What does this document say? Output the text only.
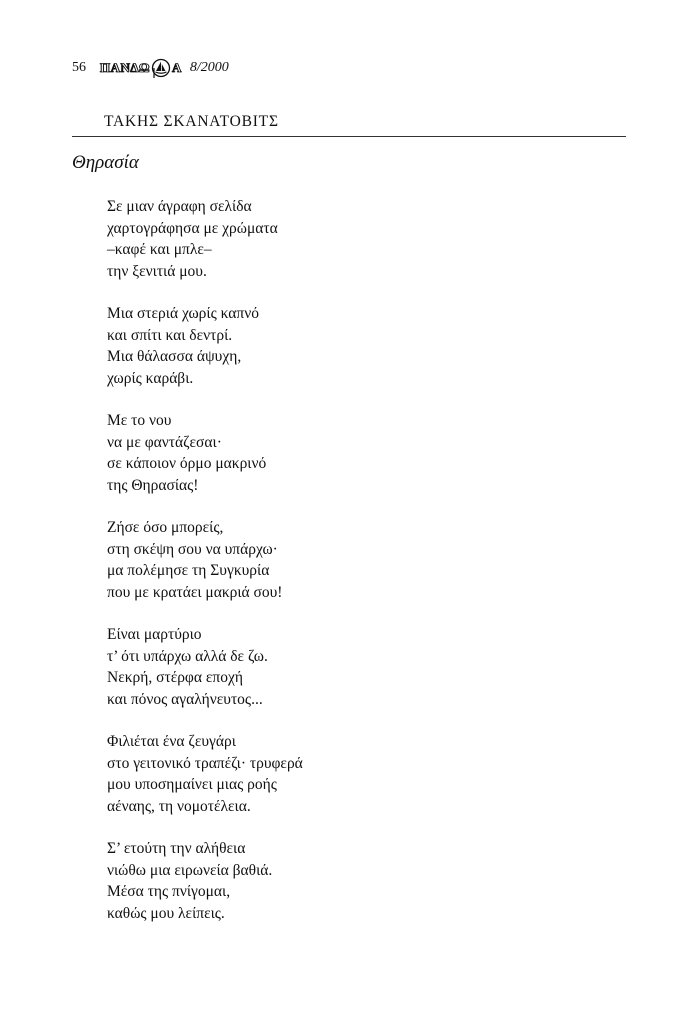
56 ΠΑΝΔΩ Α 8/2000
ΤΑΚΗΣ ΣΚΑΝΑΤΟΒΙΤΣ
Θηρασία
Σε μιαν άγραφη σελίδα
χαρτογράφησα με χρώματα
–καφέ και μπλε–
την ξενιτιά μου.
Μια στεριά χωρίς καπνό
και σπίτι και δεντρί.
Μια θάλασσα άψυχη,
χωρίς καράβι.
Με το νου
να με φαντάζεσαι·
σε κάποιον όρμο μακρινό
της Θηρασίας!
Ζήσε όσο μπορείς,
στη σκέψη σου να υπάρχω·
μα πολέμησε τη Συγκυρία
που με κρατάει μακριά σου!
Είναι μαρτύριο
τ’ ότι υπάρχω αλλά δε ζω.
Νεκρή, στέρφα εποχή
και πόνος αγαλήνευτος...
Φιλιέται ένα ζευγάρι
στο γειτονικό τραπέζι· τρυφερά
μου υποσημαίνει μιας ροής
αέναης, τη νομοτέλεια.
Σ’ ετούτη την αλήθεια
νιώθω μια ειρωνεία βαθιά.
Μέσα της πνίγομαι,
καθώς μου λείπεις.
